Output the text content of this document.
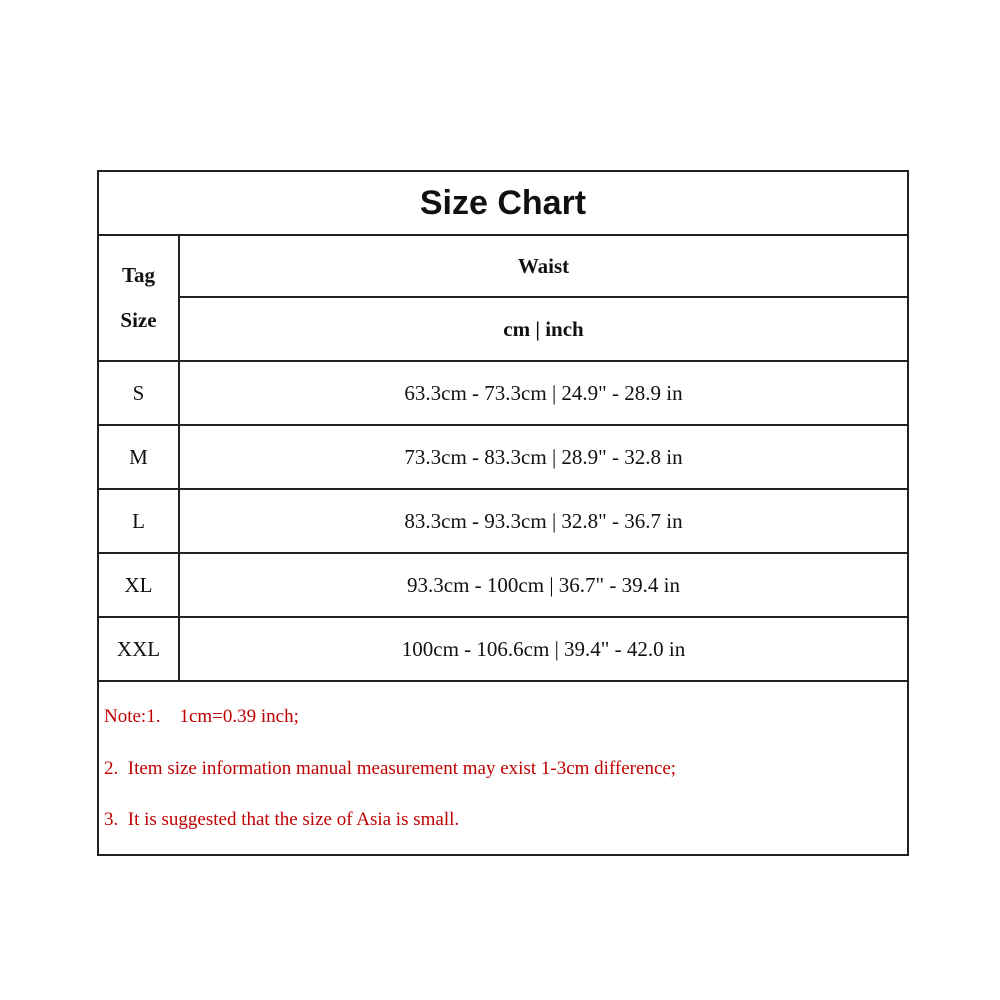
Size Chart
Tag
Size
Waist
cm | inch
S	63.3cm - 73.3cm | 24.9" - 28.9 in
M	73.3cm - 83.3cm | 28.9" - 32.8 in
L	83.3cm - 93.3cm | 32.8" - 36.7 in
XL	93.3cm - 100cm | 36.7" - 39.4 in
XXL	100cm - 106.6cm | 39.4" - 42.0 in
Note:1.    1cm=0.39 inch;
2.  Item size information manual measurement may exist 1-3cm difference;
3.  It is suggested that the size of Asia is small.
